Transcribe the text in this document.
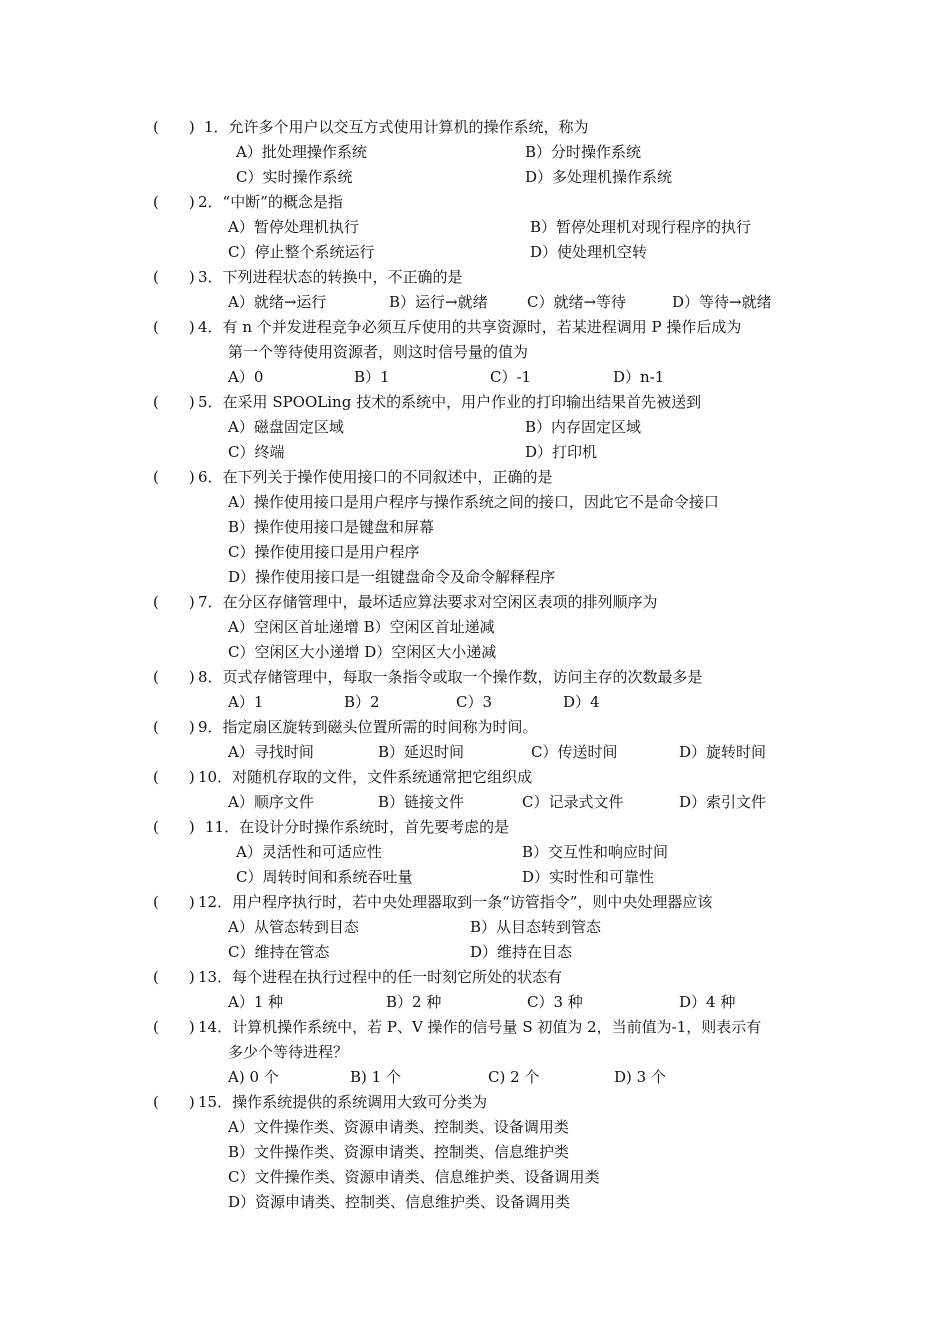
(　　) 1．允许多个用户以交互方式使用计算机的操作系统，称为
A）批处理操作系统	B）分时操作系统
C）实时操作系统	D）多处理机操作系统
(　　) 2．“中断”的概念是指
A）暂停处理机执行	B）暂停处理机对现行程序的执行
C）停止整个系统运行	D）使处理机空转
(　　) 3．下列进程状态的转换中，不正确的是
A）就绪→运行	B）运行→就绪	C）就绪→等待	D）等待→就绪
(　　) 4．有 n 个并发进程竞争必须互斥使用的共享资源时，若某进程调用 P 操作后成为
第一个等待使用资源者，则这时信号量的值为
A）0	B）1	C）-1	D）n-1
(　　) 5．在采用 SPOOLing 技术的系统中，用户作业的打印输出结果首先被送到
A）磁盘固定区域	B）内存固定区域
C）终端	D）打印机
(　　) 6．在下列关于操作使用接口的不同叙述中，正确的是
A）操作使用接口是用户程序与操作系统之间的接口，因此它不是命令接口
B）操作使用接口是键盘和屏幕
C）操作使用接口是用户程序
D）操作使用接口是一组键盘命令及命令解释程序
(　　) 7．在分区存储管理中，最坏适应算法要求对空闲区表项的排列顺序为
A）空闲区首址递增 B）空闲区首址递减
C）空闲区大小递增 D）空闲区大小递减
(　　) 8．页式存储管理中，每取一条指令或取一个操作数，访问主存的次数最多是
A）1	B）2	C）3	D）4
(　　) 9．指定扇区旋转到磁头位置所需的时间称为时间。
A）寻找时间	B）延迟时间	C）传送时间	D）旋转时间
(　　) 10．对随机存取的文件，文件系统通常把它组织成
A）顺序文件	B）链接文件	C）记录式文件	D）索引文件
(　　) 11．在设计分时操作系统时，首先要考虑的是
A）灵活性和可适应性	B）交互性和响应时间
C）周转时间和系统吞吐量	D）实时性和可靠性
(　　) 12．用户程序执行时，若中央处理器取到一条“访管指令”，则中央处理器应该
A）从管态转到目态	B）从目态转到管态
C）维持在管态	D）维持在目态
(　　) 13．每个进程在执行过程中的任一时刻它所处的状态有
A）1 种	B）2 种	C）3 种	D）4 种
(　　) 14．计算机操作系统中，若 P、V 操作的信号量 S 初值为 2，当前值为-1，则表示有
多少个等待进程？
A) 0 个	B) 1 个	C) 2 个	D) 3 个
(　　) 15．操作系统提供的系统调用大致可分类为
A）文件操作类、资源申请类、控制类、设备调用类
B）文件操作类、资源申请类、控制类、信息维护类
C）文件操作类、资源申请类、信息维护类、设备调用类
D）资源申请类、控制类、信息维护类、设备调用类
